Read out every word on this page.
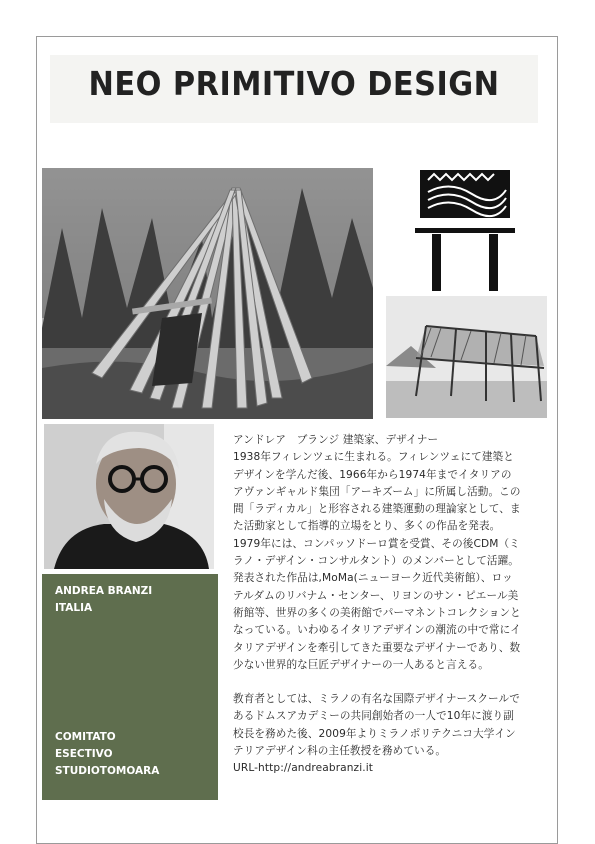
NEO PRIMITIVO DESIGN
ANDREA BRANZI
ITALIA
COMITATO
ESECTIVO
STUDIOTOMOARA

アンドレア　ブランジ 建築家、デザイナー

1938年フィレンツェに生まれる。フィレンツェにて建築と

デザインを学んだ後、1966年から1974年までイタリアの

アヴァンギャルド集団「アーキズーム」に所属し活動。この

間「ラディカル」と形容される建築運動の理論家として、ま

た活動家として指導的立場をとり、多くの作品を発表。

1979年には、コンパッソドーロ賞を受賞、その後CDM（ミ

ラノ・デザイン・コンサルタント）のメンバーとして活躍。

発表された作品は,MoMa(ニューヨーク近代美術館）、ロッ

テルダムのリバナム・センター、リヨンのサン・ピエール美

術館等、世界の多くの美術館でパーマネントコレクションと

なっている。いわゆるイタリアデザインの潮流の中で常にイ

タリアデザインを牽引してきた重要なデザイナーであり、数

少ない世界的な巨匠デザイナーの一人あると言える。

教育者としては、ミラノの有名な国際デザイナースクールで

あるドムスアカデミーの共同創始者の一人で10年に渡り副

校長を務めた後、2009年よりミラノポリテクニコ大学イン

テリアデザイン科の主任教授を務めている。

URL-http://andreabranzi.it
